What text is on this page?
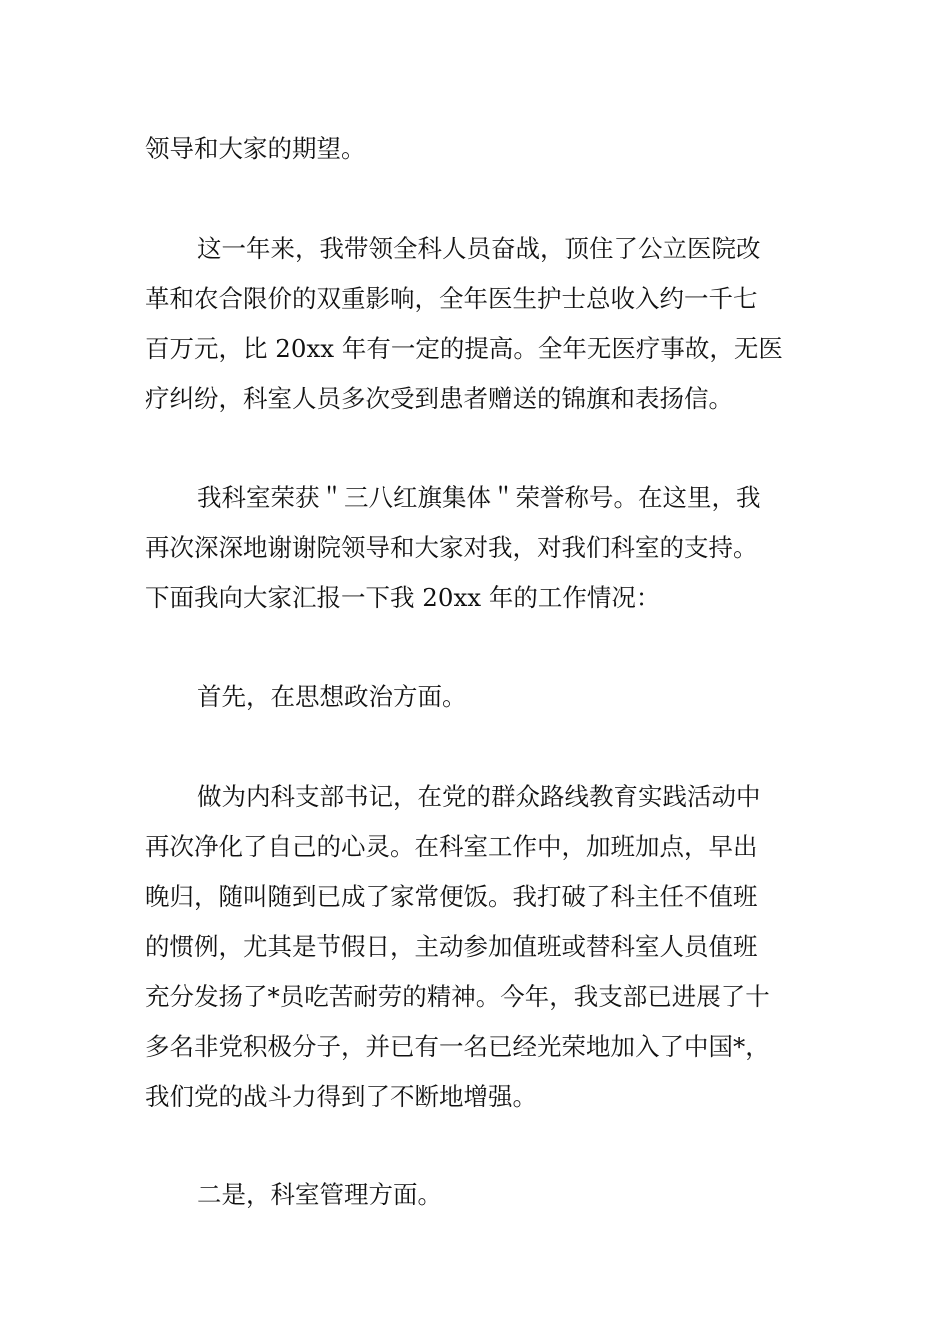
领导和大家的期望。
这一年来，我带领全科人员奋战，顶住了公立医院改
革和农合限价的双重影响，全年医生护士总收入约一千七
百万元，比 20xx 年有一定的提高。全年无医疗事故，无医
疗纠纷，科室人员多次受到患者赠送的锦旗和表扬信。
我科室荣获＂三八红旗集体＂荣誉称号。在这里，我
再次深深地谢谢院领导和大家对我，对我们科室的支持。
下面我向大家汇报一下我 20xx 年的工作情况：
首先，在思想政治方面。
做为内科支部书记，在党的群众路线教育实践活动中
再次净化了自己的心灵。在科室工作中，加班加点，早出
晚归，随叫随到已成了家常便饭。我打破了科主任不值班
的惯例，尤其是节假日，主动参加值班或替科室人员值班
充分发扬了*员吃苦耐劳的精神。今年，我支部已进展了十
多名非党积极分子，并已有一名已经光荣地加入了中国*，
我们党的战斗力得到了不断地增强。
二是，科室管理方面。
